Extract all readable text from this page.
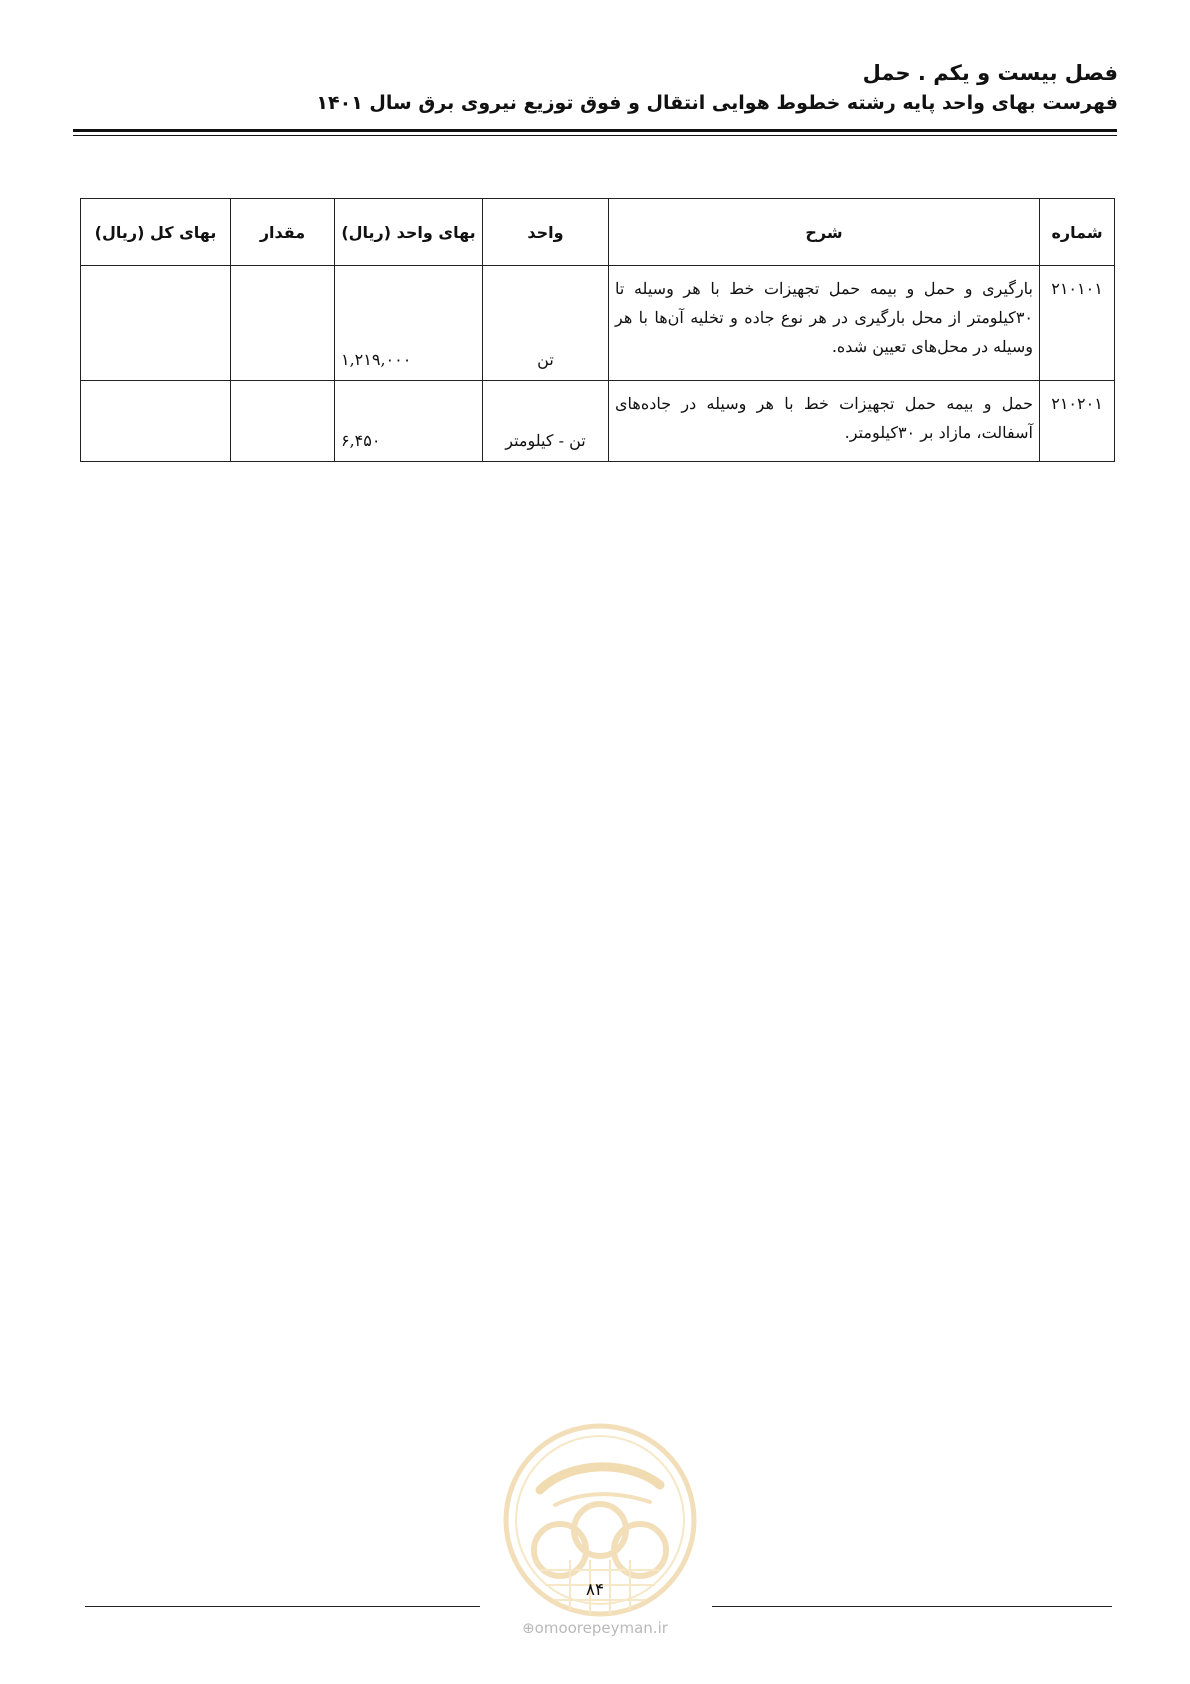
فصل بیست و یکم . حمل

فهرست بهای واحد پایه رشته خطوط هوایی انتقال و فوق توزیع نیروی برق سال ۱۴۰۱

شماره	شرح	واحد	بهای واحد (ریال)	مقدار	بهای کل (ریال)
۲۱۰۱۰۱	بارگیری و حمل و بیمه حمل تجهیزات خط با هر وسیله تا ۳۰کیلومتر از محل بارگیری در هر نوع جاده و تخلیه آن‌ها با هر وسیله در محل‌های تعیین شده.	تن	۱,۲۱۹,۰۰۰		
۲۱۰۲۰۱	حمل و بیمه حمل تجهیزات خط با هر وسیله در جاده‌های آسفالت، مازاد بر ۳۰کیلومتر.	تن - کیلومتر	۶,۴۵۰		
۸۴
⊕omoorepeyman.ir
